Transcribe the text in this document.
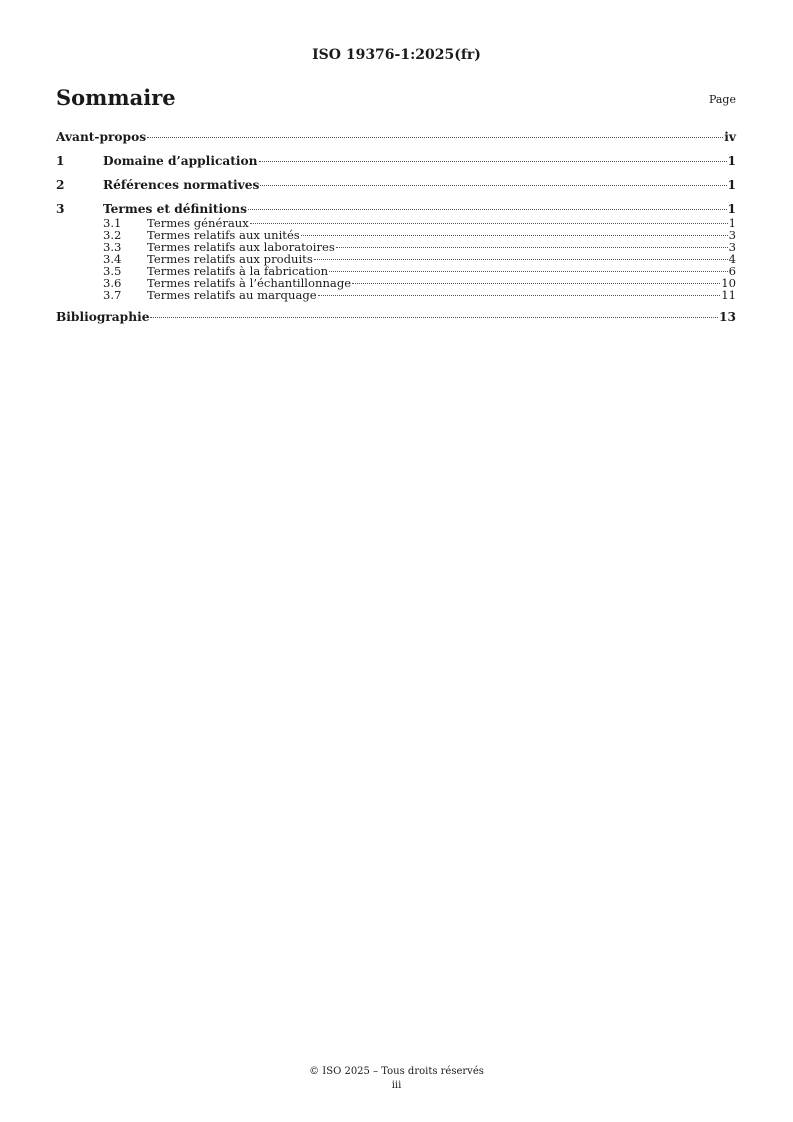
ISO 19376-1:2025(fr)
Sommaire	Page
Avant-propos	iv
1	Domaine d’application	1
2	Références normatives	1
3	Termes et définitions	1
3.1	Termes généraux	1
3.2	Termes relatifs aux unités	3
3.3	Termes relatifs aux laboratoires	3
3.4	Termes relatifs aux produits	4
3.5	Termes relatifs à la fabrication	6
3.6	Termes relatifs à l’échantillonnage	10
3.7	Termes relatifs au marquage	11
Bibliographie	13
© ISO 2025 – Tous droits réservés
iii
